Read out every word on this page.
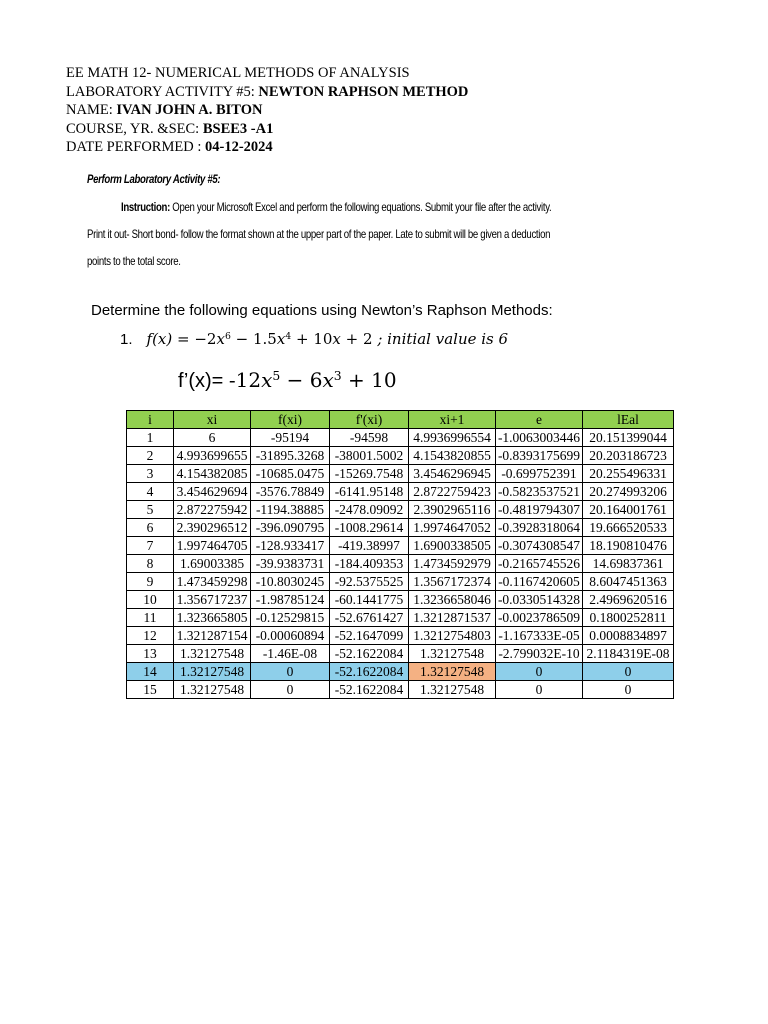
EE MATH 12- NUMERICAL METHODS OF ANALYSIS
LABORATORY ACTIVITY #5: NEWTON RAPHSON METHOD
NAME: IVAN JOHN A. BITON
COURSE, YR. &SEC: BSEE3 -A1
DATE PERFORMED : 04-12-2024
Perform Laboratory Activity #5:
Instruction: Open your Microsoft Excel and perform the following equations. Submit your file after the activity.
Print it out- Short bond- follow the format shown at the upper part of the paper. Late to submit will be given a deduction
points to the total score.
Determine the following equations using Newton’s Raphson Methods:
1. $f(x) = -2x^6 - 1.5x^4 + 10x + 2$ ; initial value is 6
f’(x)= $-12x^5 - 6x^3 + 10$
i	xi	f(xi)	f'(xi)	xi+1	e	lEal
1	6	-95194	-94598	4.9936996554	-1.0063003446	20.151399044
2	4.993699655	-31895.3268	-38001.5002	4.1543820855	-0.8393175699	20.203186723
3	4.154382085	-10685.0475	-15269.7548	3.4546296945	-0.699752391	20.255496331
4	3.454629694	-3576.78849	-6141.95148	2.8722759423	-0.5823537521	20.274993206
5	2.872275942	-1194.38885	-2478.09092	2.3902965116	-0.4819794307	20.164001761
6	2.390296512	-396.090795	-1008.29614	1.9974647052	-0.3928318064	19.666520533
7	1.997464705	-128.933417	-419.38997	1.6900338505	-0.3074308547	18.190810476
8	1.69003385	-39.9383731	-184.409353	1.4734592979	-0.2165745526	14.69837361
9	1.473459298	-10.8030245	-92.5375525	1.3567172374	-0.1167420605	8.6047451363
10	1.356717237	-1.98785124	-60.1441775	1.3236658046	-0.0330514328	2.4969620516
11	1.323665805	-0.12529815	-52.6761427	1.3212871537	-0.0023786509	0.1800252811
12	1.321287154	-0.00060894	-52.1647099	1.3212754803	-1.167333E-05	0.0008834897
13	1.32127548	-1.46E-08	-52.1622084	1.32127548	-2.799032E-10	2.1184319E-08
14	1.32127548	0	-52.1622084	1.32127548	0	0
15	1.32127548	0	-52.1622084	1.32127548	0	0
